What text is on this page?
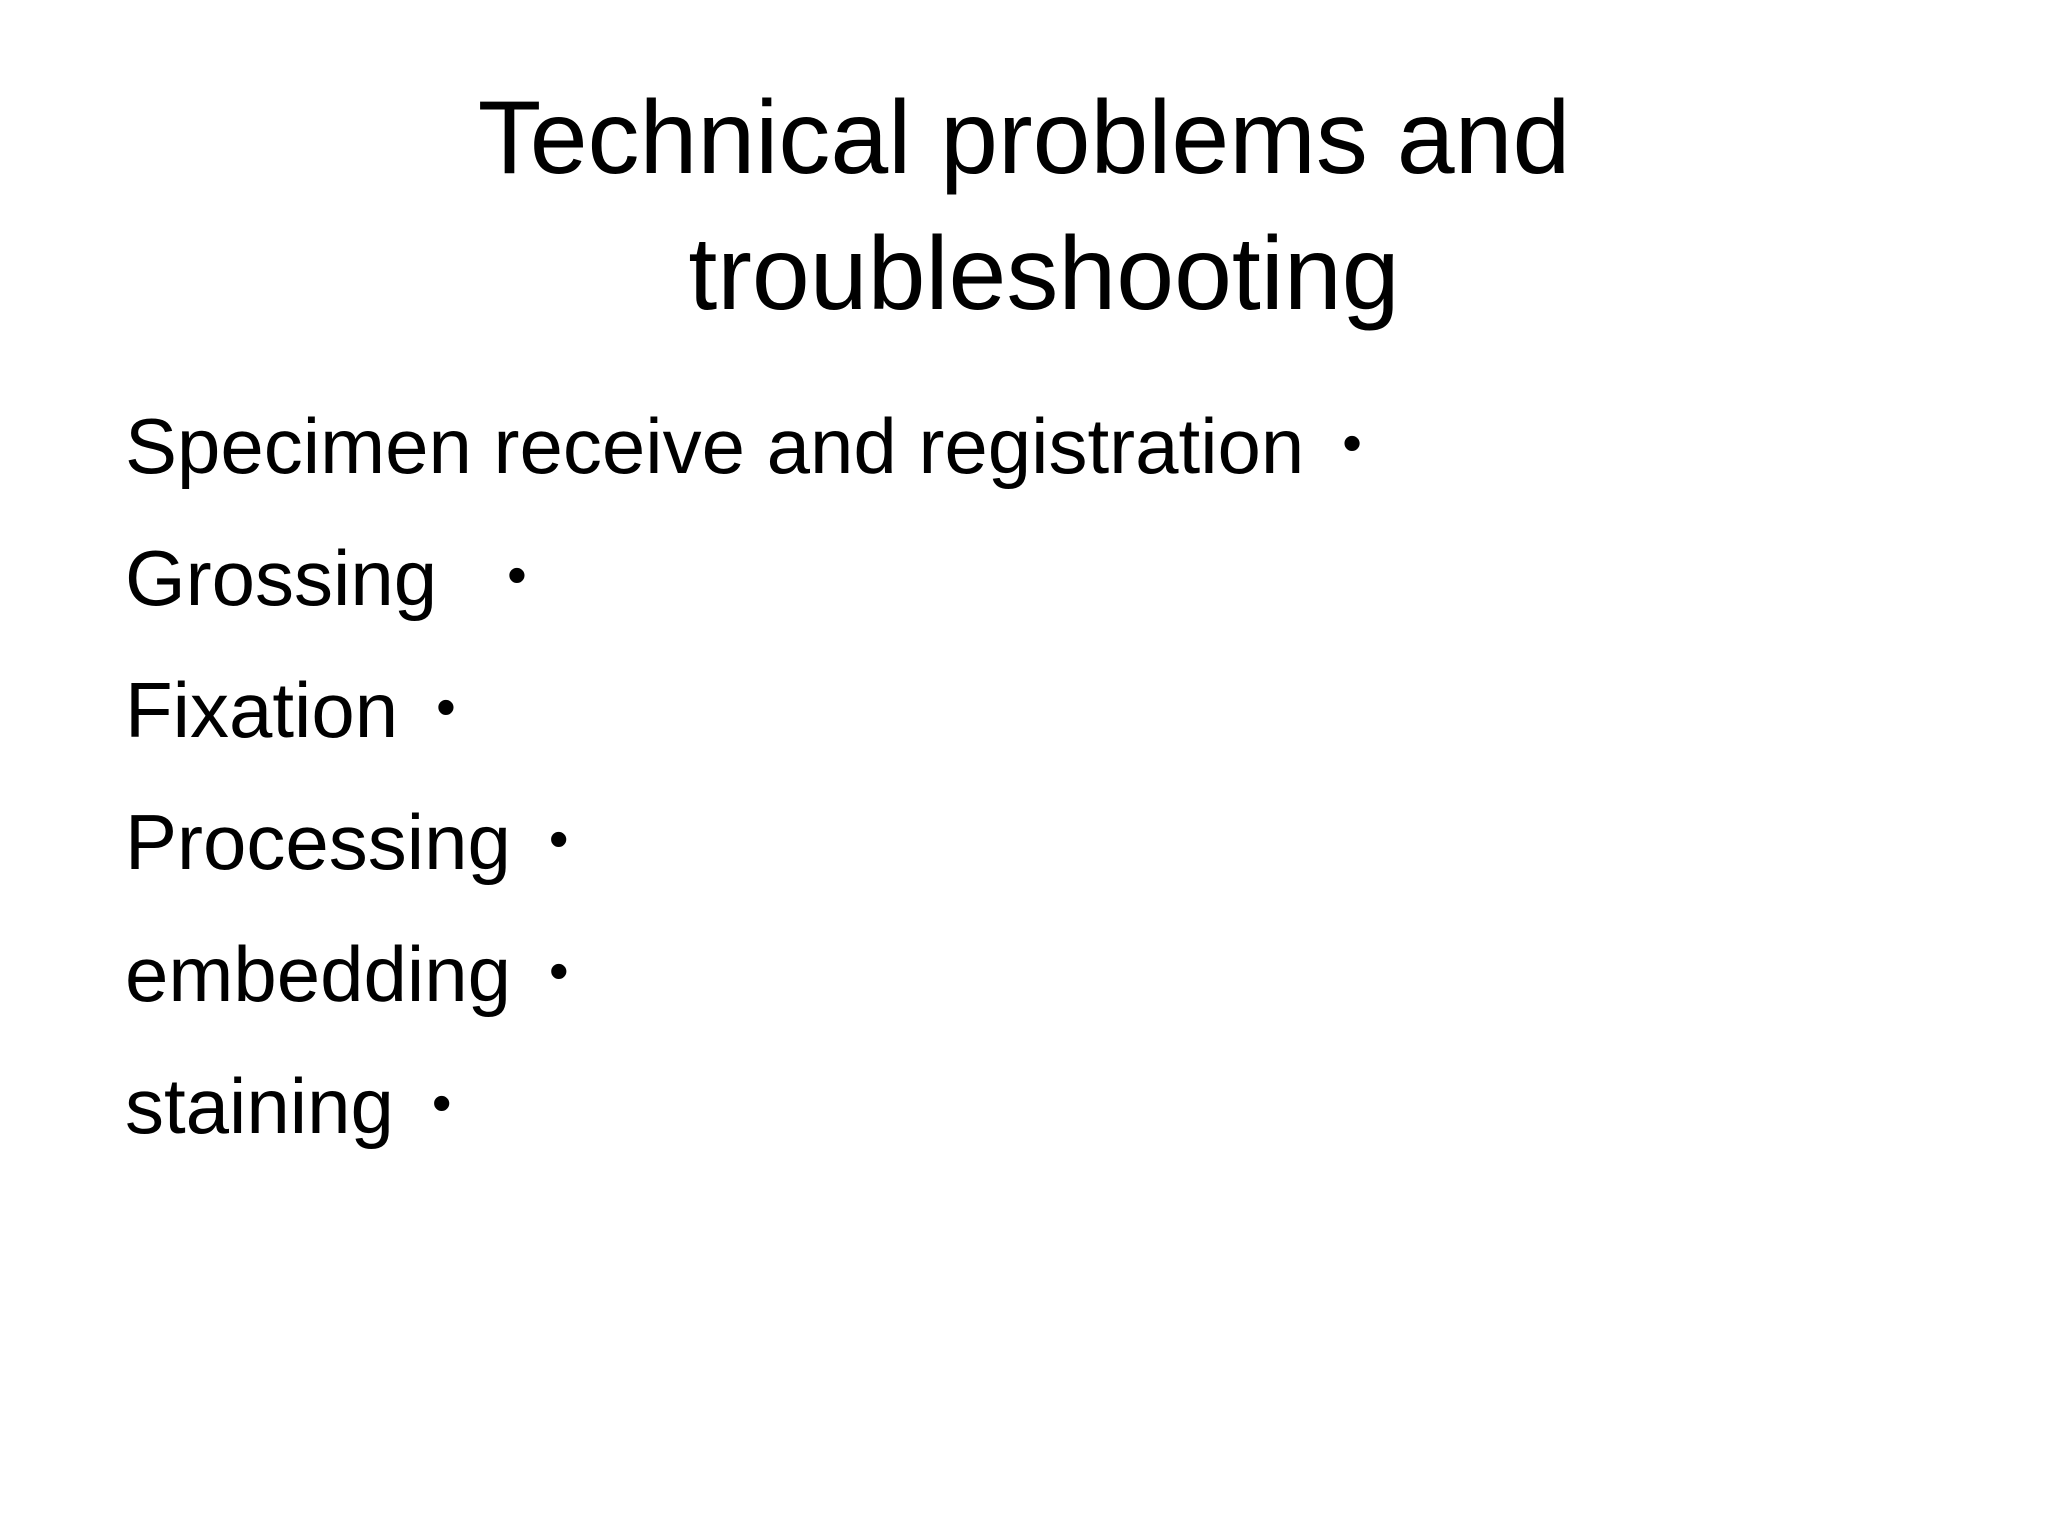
Technical problems and
troubleshooting
Specimen receive and registration •
Grossing •
Fixation •
Processing •
embedding •
staining •
